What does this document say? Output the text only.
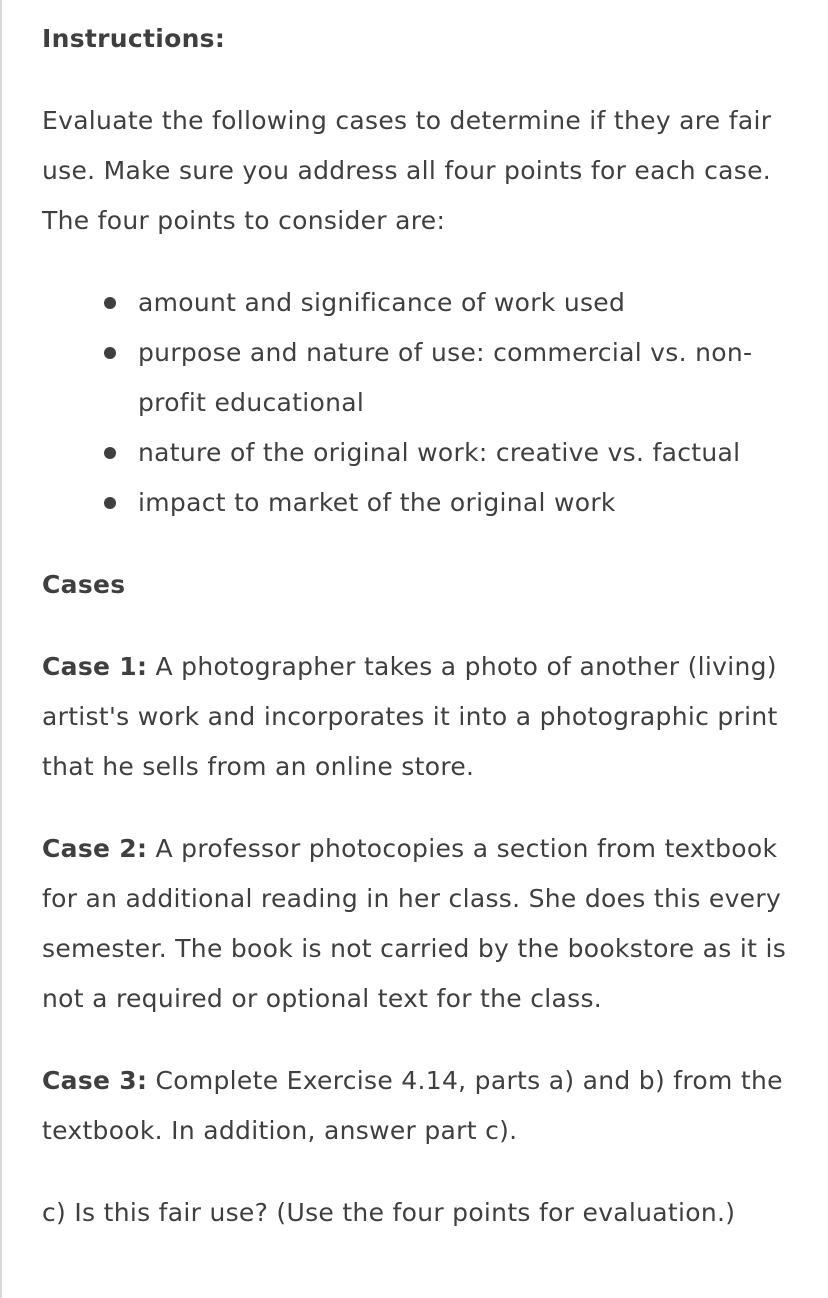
Instructions:
Evaluate the following cases to determine if they are fair use. Make sure you address all four points for each case. The four points to consider are:
amount and significance of work used
purpose and nature of use: commercial vs. non-profit educational
nature of the original work: creative vs. factual
impact to market of the original work
Cases
Case 1: A photographer takes a photo of another (living) artist's work and incorporates it into a photographic print that he sells from an online store.
Case 2: A professor photocopies a section from textbook for an additional reading in her class. She does this every semester. The book is not carried by the bookstore as it is not a required or optional text for the class.
Case 3: Complete Exercise 4.14, parts a) and b) from the textbook. In addition, answer part c).
c) Is this fair use? (Use the four points for evaluation.)
